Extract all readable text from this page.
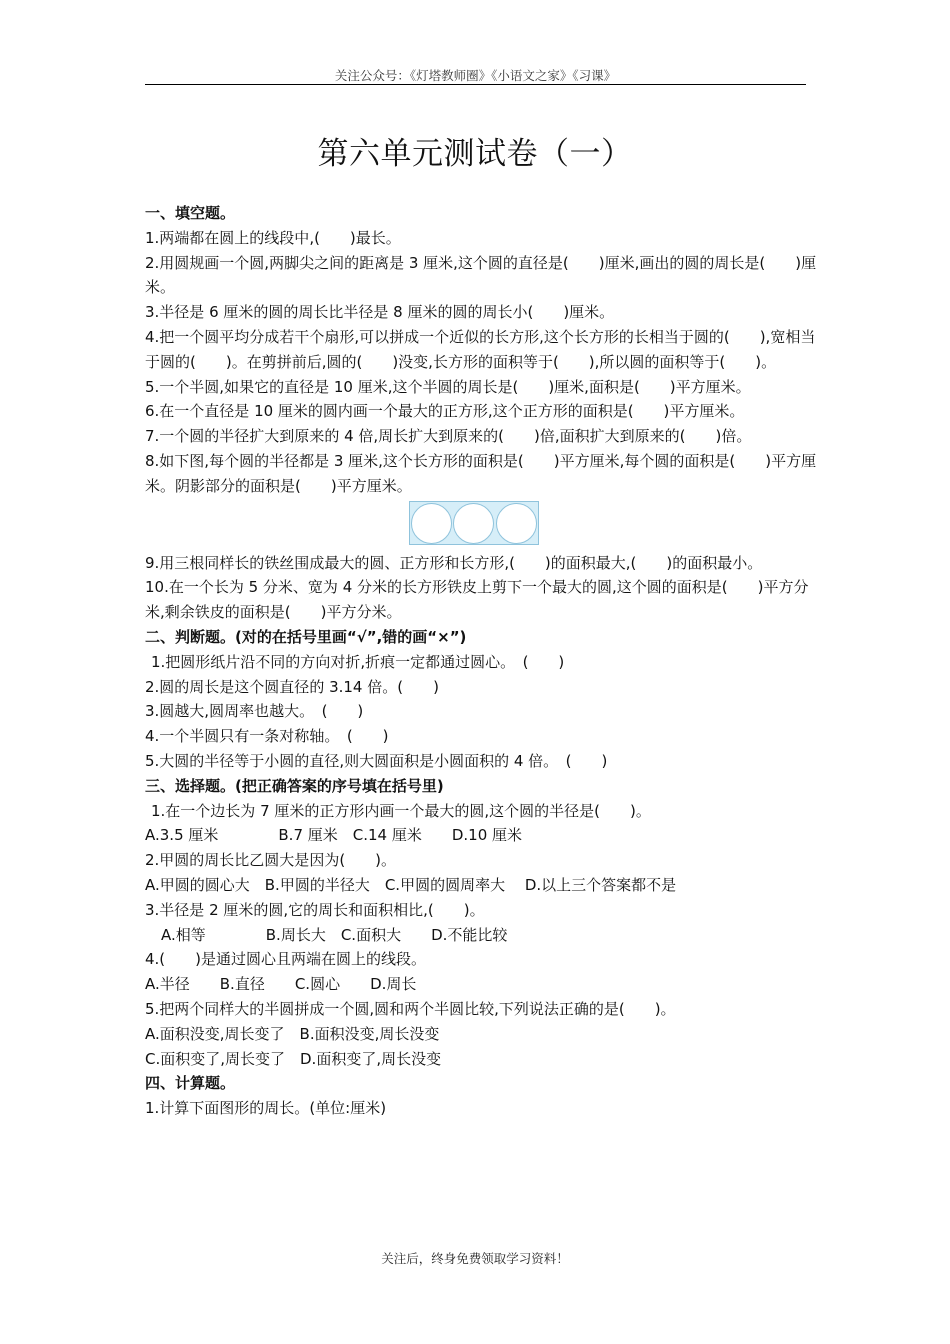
关注公众号：《灯塔教师圈》《小语文之家》《习课》
第六单元测试卷（一）
一、填空题。
1.两端都在圆上的线段中,(　　)最长。
2.用圆规画一个圆,两脚尖之间的距离是 3 厘米,这个圆的直径是(　　)厘米,画出的圆的周长是(　　)厘米。
3.半径是 6 厘米的圆的周长比半径是 8 厘米的圆的周长小(　　)厘米。
4.把一个圆平均分成若干个扇形,可以拼成一个近似的长方形,这个长方形的长相当于圆的(　　),宽相当于圆的(　　)。在剪拼前后,圆的(　　)没变,长方形的面积等于(　　),所以圆的面积等于(　　)。
5.一个半圆,如果它的直径是 10 厘米,这个半圆的周长是(　　)厘米,面积是(　　)平方厘米。
6.在一个直径是 10 厘米的圆内画一个最大的正方形,这个正方形的面积是(　　)平方厘米。
7.一个圆的半径扩大到原来的 4 倍,周长扩大到原来的(　　)倍,面积扩大到原来的(　　)倍。
8.如下图,每个圆的半径都是 3 厘米,这个长方形的面积是(　　)平方厘米,每个圆的面积是(　　)平方厘米。阴影部分的面积是(　　)平方厘米。
9.用三根同样长的铁丝围成最大的圆、正方形和长方形,(　　)的面积最大,(　　)的面积最小。
10.在一个长为 5 分米、宽为 4 分米的长方形铁皮上剪下一个最大的圆,这个圆的面积是(　　)平方分米,剩余铁皮的面积是(　　)平方分米。
二、判断题。(对的在括号里画“√”,错的画“×”)
1.把圆形纸片沿不同的方向对折,折痕一定都通过圆心。　(　　)
2.圆的周长是这个圆直径的 3.14 倍。(　　)
3.圆越大,圆周率也越大。　(　　)
4.一个半圆只有一条对称轴。　(　　)
5.大圆的半径等于小圆的直径,则大圆面积是小圆面积的 4 倍。　(　　)
三、选择题。(把正确答案的序号填在括号里)
1.在一个边长为 7 厘米的正方形内画一个最大的圆,这个圆的半径是(　　)。
A.3.5 厘米　　　　B.7 厘米　C.14 厘米　　D.10 厘米
2.甲圆的周长比乙圆大是因为(　　)。
A.甲圆的圆心大　B.甲圆的半径大　C.甲圆的圆周率大　 D.以上三个答案都不是
3.半径是 2 厘米的圆,它的周长和面积相比,(　　)。
A.相等　　　　B.周长大　C.面积大　　D.不能比较
4.(　　)是通过圆心且两端在圆上的线段。
A.半径　　B.直径　　C.圆心　　D.周长
5.把两个同样大的半圆拼成一个圆,圆和两个半圆比较,下列说法正确的是(　　)。
A.面积没变,周长变了　B.面积没变,周长没变
C.面积变了,周长变了　D.面积变了,周长没变
四、计算题。
1.计算下面图形的周长。(单位:厘米)
关注后，终身免费领取学习资料！
